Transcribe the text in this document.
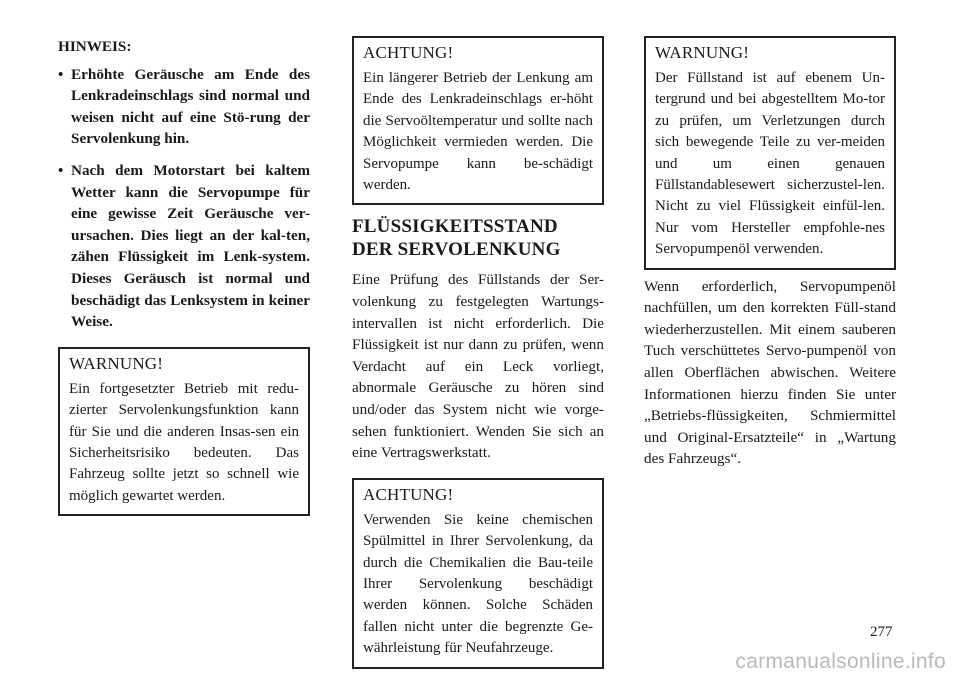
HINWEIS:

• Erhöhte Geräusche am Ende des Lenkradeinschlags sind normal und weisen nicht auf eine Stö-rung der Servolenkung hin.
• Nach dem Motorstart bei kaltem Wetter kann die Servopumpe für eine gewisse Zeit Geräusche ver-ursachen. Dies liegt an der kal-ten, zähen Flüssigkeit im Lenk-system. Dieses Geräusch ist normal und beschädigt das Lenksystem in keiner Weise.

WARNUNG!

Ein fortgesetzter Betrieb mit redu-zierter Servolenkungsfunktion kann für Sie und die anderen Insas-sen ein Sicherheitsrisiko bedeuten. Das Fahrzeug sollte jetzt so schnell wie möglich gewartet werden.

ACHTUNG!

Ein längerer Betrieb der Lenkung am Ende des Lenkradeinschlags er-höht die Servoöltemperatur und sollte nach Möglichkeit vermieden werden. Die Servopumpe kann be-schädigt werden.

FLÜSSIGKEITSSTAND
DER SERVOLENKUNG

Eine Prüfung des Füllstands der Ser-volenkung zu festgelegten Wartungs-intervallen ist nicht erforderlich. Die Flüssigkeit ist nur dann zu prüfen, wenn Verdacht auf ein Leck vorliegt, abnormale Geräusche zu hören sind und/oder das System nicht wie vorge-sehen funktioniert. Wenden Sie sich an eine Vertragswerkstatt.

ACHTUNG!

Verwenden Sie keine chemischen Spülmittel in Ihrer Servolenkung, da durch die Chemikalien die Bau-teile Ihrer Servolenkung beschädigt werden können. Solche Schäden fallen nicht unter die begrenzte Ge-währleistung für Neufahrzeuge.

WARNUNG!

Der Füllstand ist auf ebenem Un-tergrund und bei abgestelltem Mo-tor zu prüfen, um Verletzungen durch sich bewegende Teile zu ver-meiden und um einen genauen Füllstandablesewert sicherzustel-len. Nicht zu viel Flüssigkeit einfül-len. Nur vom Hersteller empfohle-nes Servopumpenöl verwenden.

Wenn erforderlich, Servopumpenöl nachfüllen, um den korrekten Füll-stand wiederherzustellen. Mit einem sauberen Tuch verschüttetes Servo-pumpenöl von allen Oberflächen abwischen. Weitere Informationen hierzu finden Sie unter „Betriebs-flüssigkeiten, Schmiermittel und Original-Ersatzteile“ in „Wartung des Fahrzeugs“.

277
carmanualsonline.info
